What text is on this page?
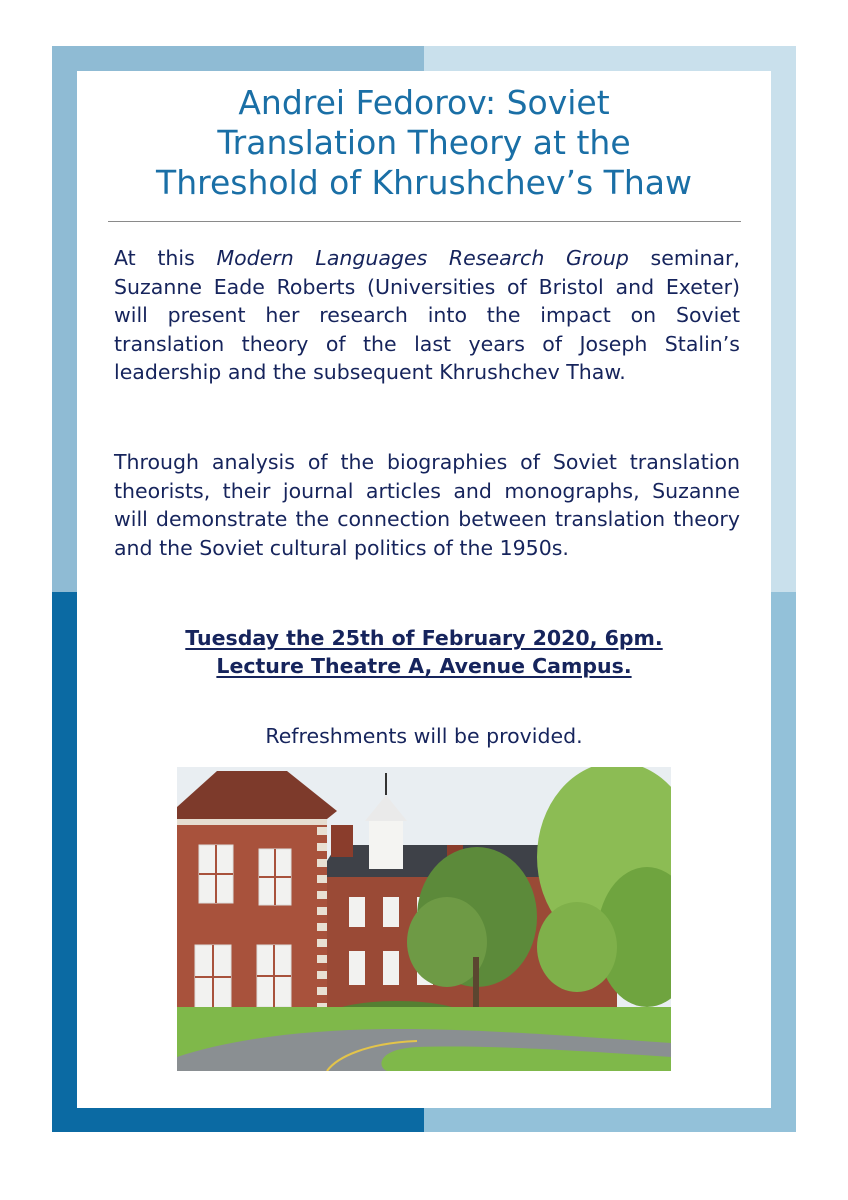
Andrei Fedorov: Soviet
Translation Theory at the
Threshold of Khrushchev’s Thaw

At this Modern Languages Research Group seminar, Suzanne Eade Roberts (Universities of Bristol and Exeter) will present her research into the impact on Soviet translation theory of the last years of Joseph Stalin’s leadership and the subsequent Khrushchev Thaw.

Through analysis of the biographies of Soviet translation theorists, their journal articles and monographs, Suzanne will demonstrate the connection between translation theory and the Soviet cultural politics of the 1950s.

Tuesday the 25th of February 2020, 6pm.
Lecture Theatre A, Avenue Campus.
Refreshments will be provided.
